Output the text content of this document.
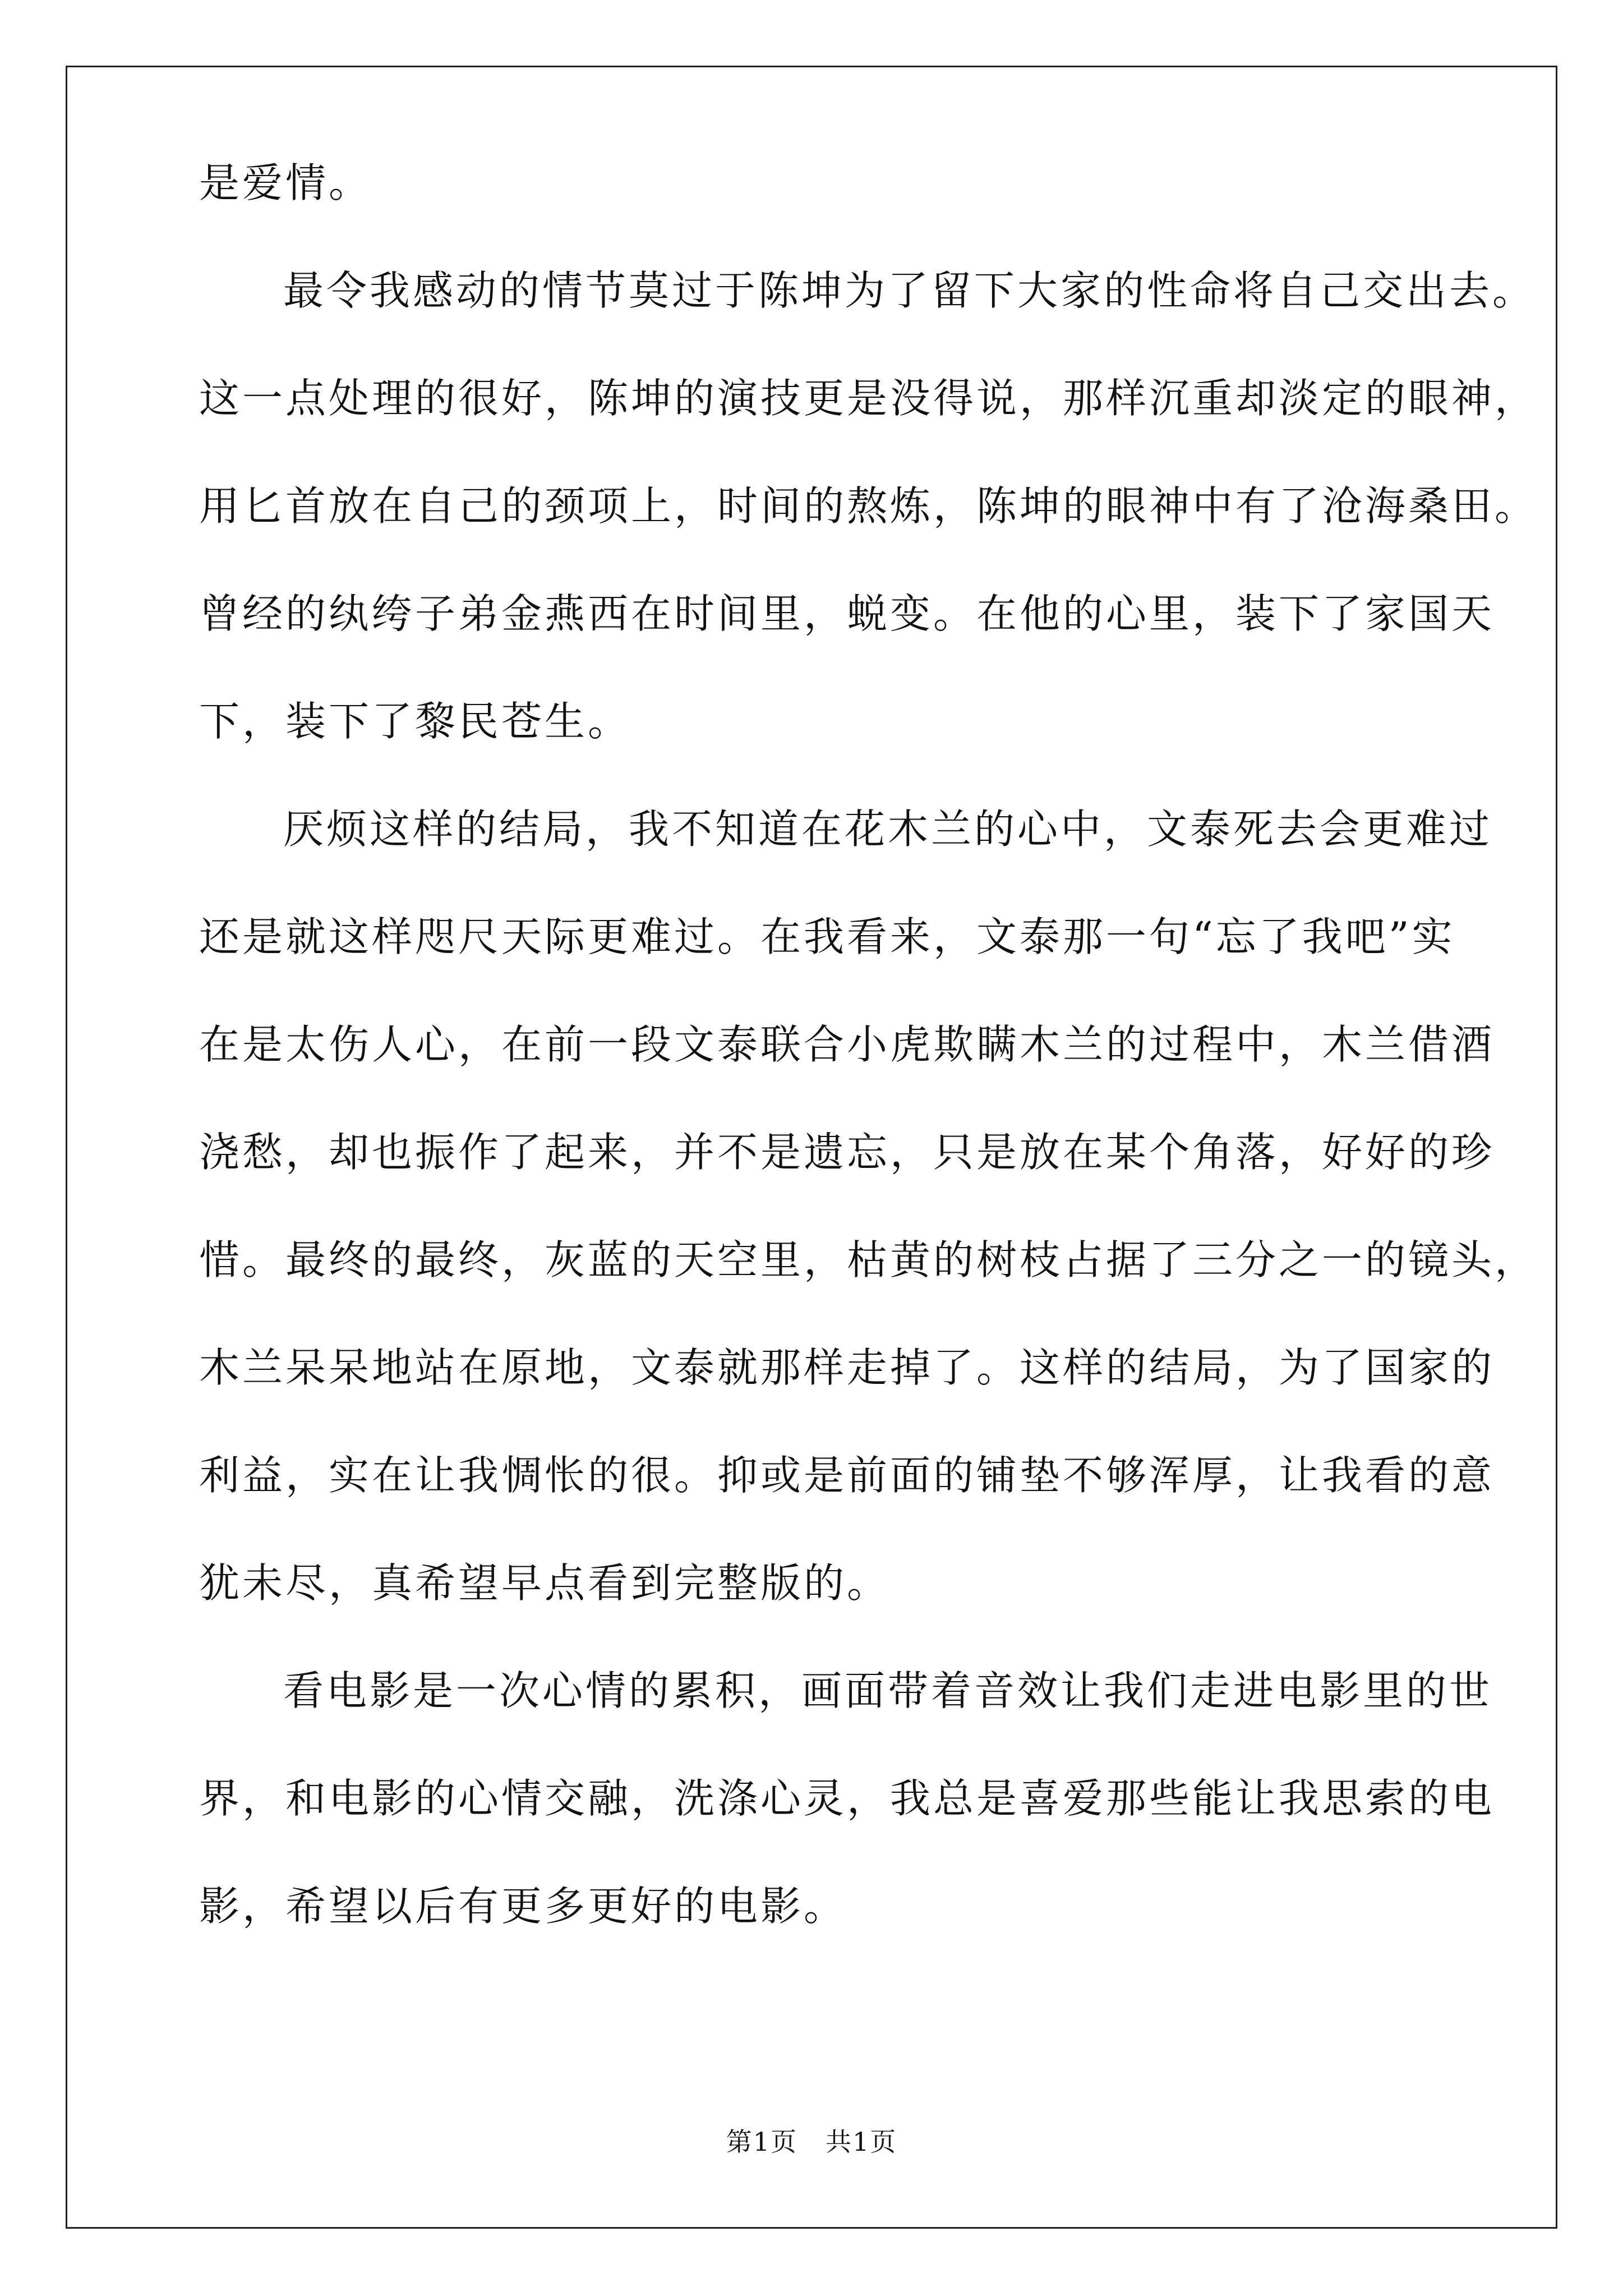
是爱情。
最令我感动的情节莫过于陈坤为了留下大家的性命将自己交出去。
这一点处理的很好，陈坤的演技更是没得说，那样沉重却淡定的眼神，
用匕首放在自己的颈项上，时间的熬炼，陈坤的眼神中有了沧海桑田。
曾经的纨绔子弟金燕西在时间里，蜕变。在他的心里，装下了家国天
下，装下了黎民苍生。
厌烦这样的结局，我不知道在花木兰的心中，文泰死去会更难过
还是就这样咫尺天际更难过。在我看来，文泰那一句“忘了我吧”实
在是太伤人心，在前一段文泰联合小虎欺瞒木兰的过程中，木兰借酒
浇愁，却也振作了起来，并不是遗忘，只是放在某个角落，好好的珍
惜。最终的最终，灰蓝的天空里，枯黄的树枝占据了三分之一的镜头，
木兰呆呆地站在原地，文泰就那样走掉了。这样的结局，为了国家的
利益，实在让我惆怅的很。抑或是前面的铺垫不够浑厚，让我看的意
犹未尽，真希望早点看到完整版的。
看电影是一次心情的累积，画面带着音效让我们走进电影里的世
界，和电影的心情交融，洗涤心灵，我总是喜爱那些能让我思索的电
影，希望以后有更多更好的电影。
第1页 共1页
